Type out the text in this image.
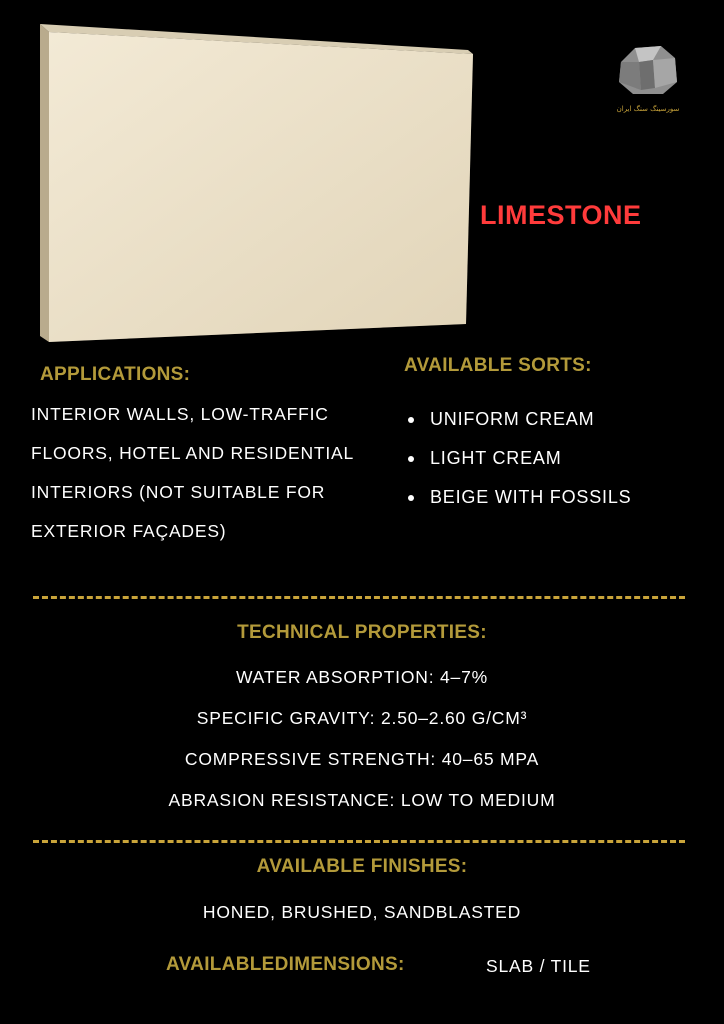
سورسینگ سنگ ایران
LIMESTONE
APPLICATIONS:
INTERIOR WALLS, LOW-TRAFFIC FLOORS, HOTEL AND RESIDENTIAL INTERIORS (NOT SUITABLE FOR EXTERIOR FAÇADES)
AVAILABLE SORTS:
UNIFORM CREAM
LIGHT CREAM
BEIGE WITH FOSSILS
TECHNICAL PROPERTIES:
WATER ABSORPTION: 4–7%
SPECIFIC GRAVITY: 2.50–2.60 G/CM³
COMPRESSIVE STRENGTH: 40–65 MPA
ABRASION RESISTANCE: LOW TO MEDIUM
AVAILABLE FINISHES:
HONED, BRUSHED, SANDBLASTED
AVAILABLEDIMENSIONS:	SLAB / TILE
